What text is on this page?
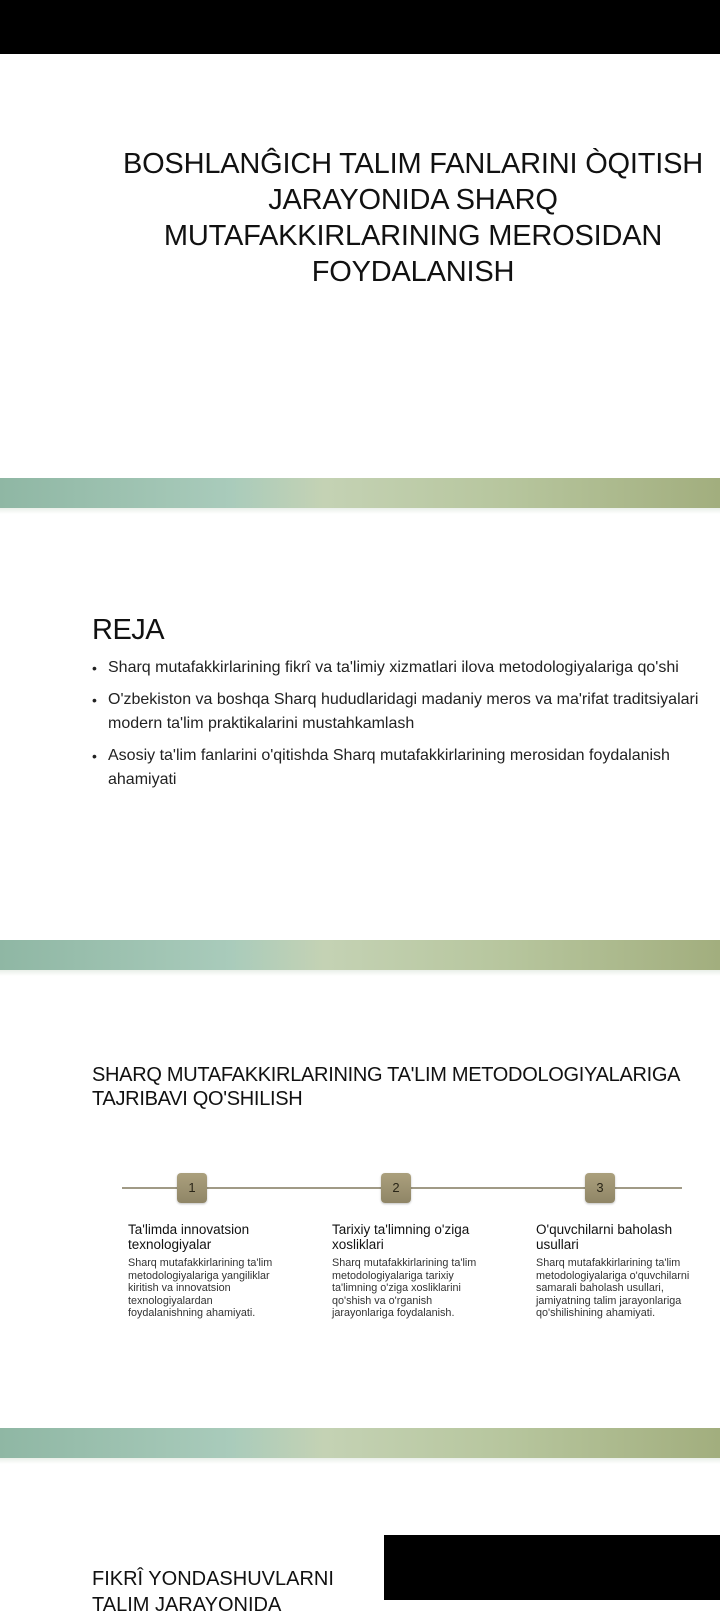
BOSHLANĜICH TALIM FANLARINI ÒQITISH
JARAYONIDA SHARQ
MUTAFAKKIRLARINING MEROSIDAN
FOYDALANISH
REJA
• Sharq mutafakkirlarining fikrî va ta'limiy xizmatlari ilova metodologiyalariga qo'shi
• O'zbekiston va boshqa Sharq hududlaridagi madaniy meros va ma'rifat traditsiyalari
modern ta'lim praktikalarini mustahkamlash
• Asosiy ta'lim fanlarini o'qitishda Sharq mutafakkirlarining merosidan foydalanish
ahamiyati
SHARQ MUTAFAKKIRLARINING TA'LIM METODOLOGIYALARIGA
TAJRIBAVI QO'SHILISH
1	2	3
Ta'limda innovatsion
texnologiyalar
Sharq mutafakkirlarining ta'lim
metodologiyalariga yangiliklar
kiritish va innovatsion
texnologiyalardan
foydalanishning ahamiyati.
Tarixiy ta'limning o'ziga
xosliklari
Sharq mutafakkirlarining ta'lim
metodologiyalariga tarixiy
ta'limning o'ziga xosliklarini
qo'shish va o'rganish
jarayonlariga foydalanish.
O'quvchilarni baholash
usullari
Sharq mutafakkirlarining ta'lim
metodologiyalariga o'quvchilarni
samarali baholash usullari,
jamiyatning talim jarayonlariga
qo'shilishining ahamiyati.
FIKRÎ YONDASHUVLARNI
TALIM JARAYONIDA
